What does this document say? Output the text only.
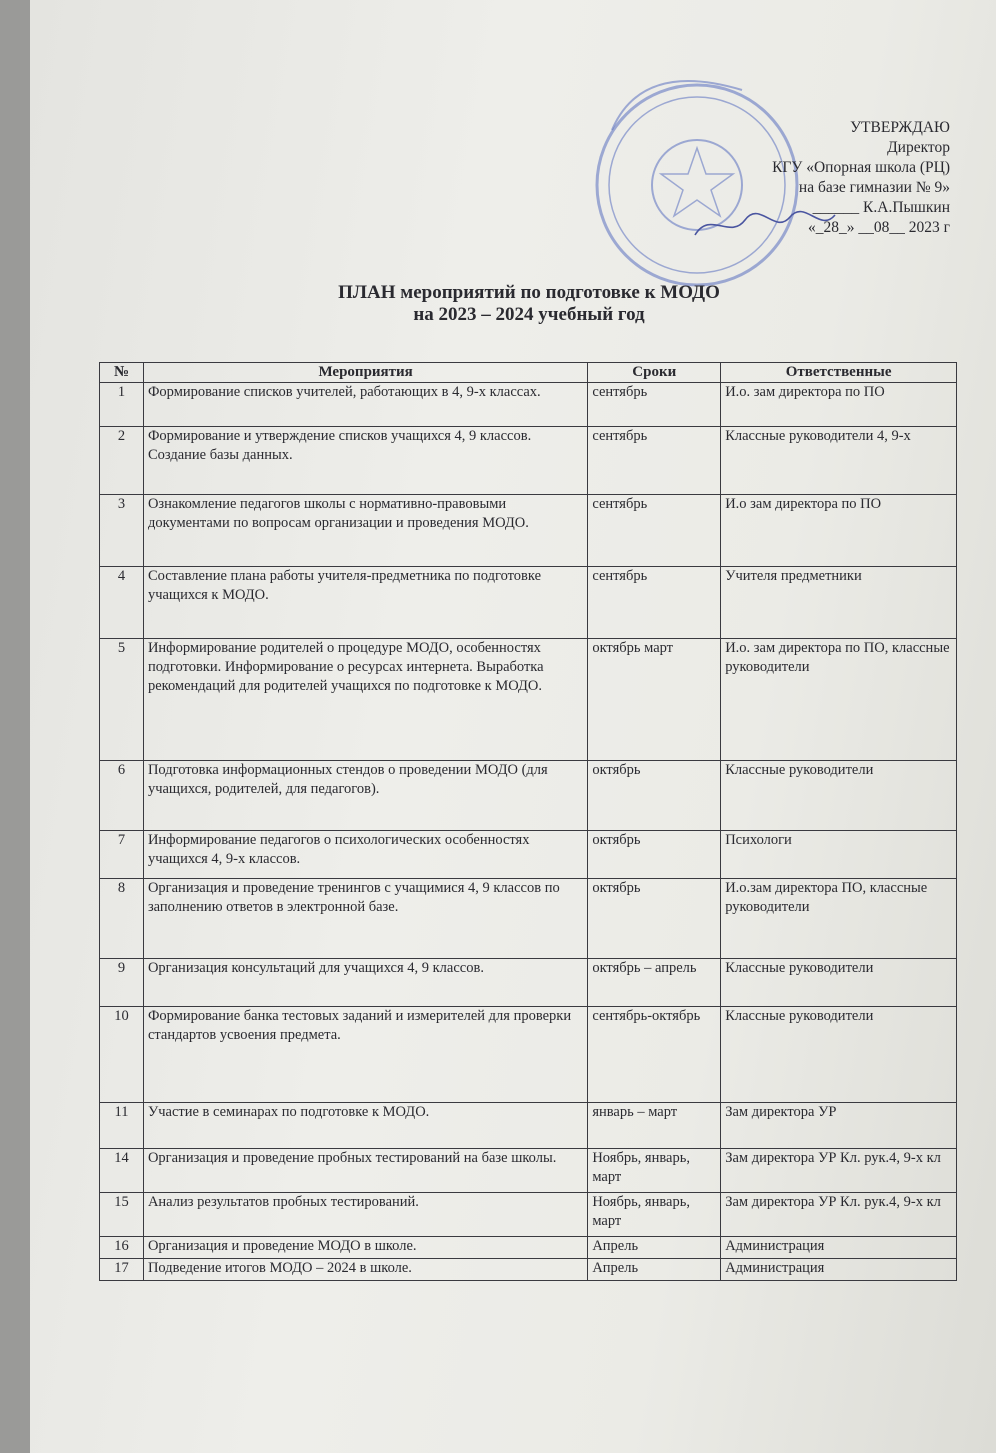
УТВЕРЖДАЮ
Директор
КГУ «Опорная школа (РЦ)
на базе гимназии № 9»
______ К.А.Пышкин
«_28_» __08__ 2023 г
ПЛАН мероприятий по подготовке к МОДО
на 2023 – 2024 учебный год
№	Мероприятия	Сроки	Ответственные
1	Формирование списков учителей, работающих в 4, 9-х классах.	сентябрь	И.о. зам директора по ПО
2	Формирование и утверждение списков учащихся 4, 9 классов. Создание базы данных.	сентябрь	Классные руководители 4, 9-х
3	Ознакомление педагогов школы с нормативно-правовыми документами по вопросам организации и проведения МОДО.	сентябрь	И.о зам директора по ПО
4	Составление плана работы учителя-предметника по подготовке учащихся к МОДО.	сентябрь	Учителя предметники
5	Информирование родителей о процедуре МОДО, особенностях подготовки. Информирование о ресурсах интернета. Выработка рекомендаций для родителей учащихся по подготовке к МОДО.	октябрь март	И.о. зам директора по ПО, классные руководители
6	Подготовка информационных стендов о проведении МОДО (для учащихся, родителей, для педагогов).	октябрь	Классные руководители
7	Информирование педагогов о психологических особенностях учащихся 4, 9-х классов.	октябрь	Психологи
8	Организация и проведение тренингов с учащимися 4, 9 классов по заполнению ответов в электронной базе.	октябрь	И.о.зам директора ПО, классные руководители
9	Организация консультаций для учащихся 4, 9 классов.	октябрь – апрель	Классные руководители
10	Формирование банка тестовых заданий и измерителей для проверки стандартов усвоения предмета.	сентябрь-октябрь	Классные руководители
11	Участие в семинарах по подготовке к МОДО.	январь – март	Зам директора УР
14	Организация и проведение пробных тестирований на базе школы.	Ноябрь, январь, март	Зам директора УР Кл. рук.4, 9-х кл
15	Анализ результатов пробных тестирований.	Ноябрь, январь, март	Зам директора УР Кл. рук.4, 9-х кл
16	Организация и проведение МОДО в школе.	Апрель	Администрация
17	Подведение итогов МОДО – 2024 в школе.	Апрель	Администрация
